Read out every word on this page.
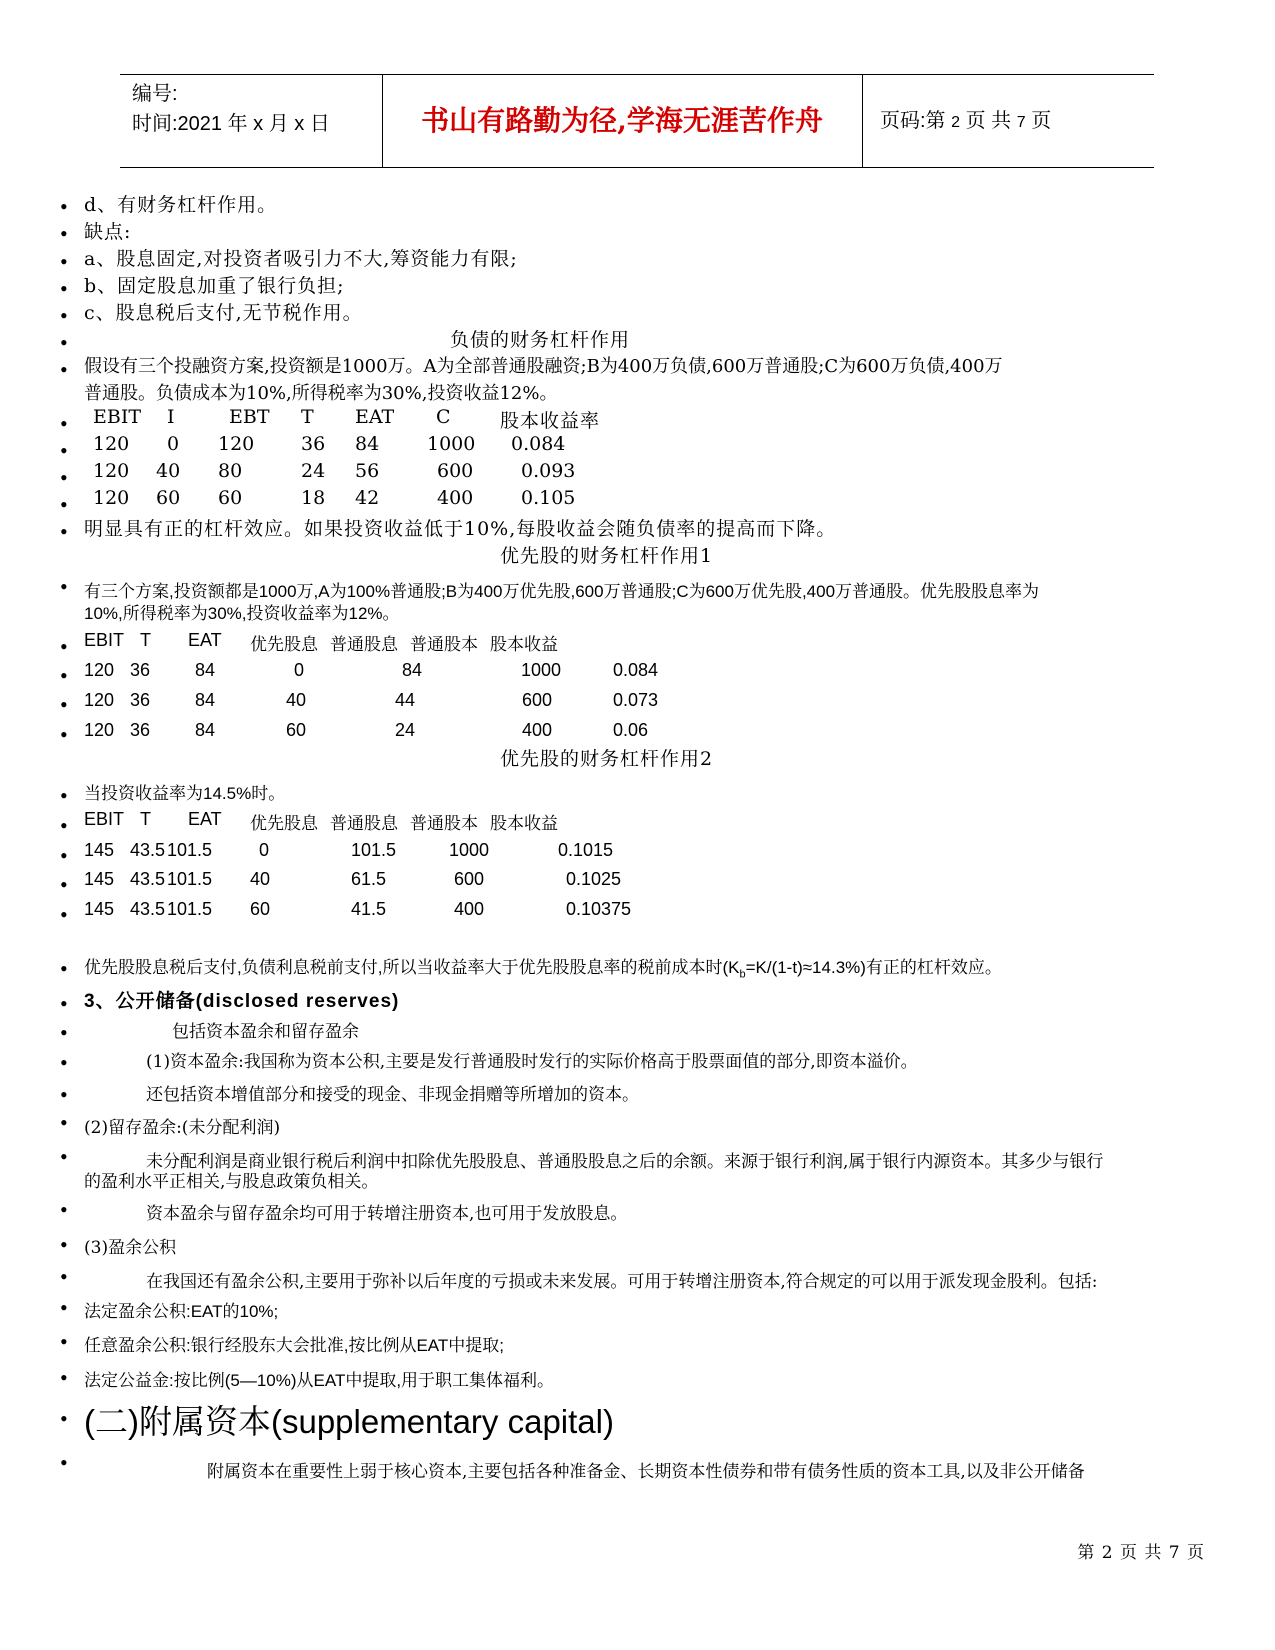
编号:
时间:2021 年 x 月 x 日	书山有路勤为径,学海无涯苦作舟	页码:第 2 页 共 7 页
•
•
•
•
•
•
•
•
•
•
•
•
•
•
•
•
•
•
•
•
•
•
•
•
•
•
•
•
•
•
•
•
•
•
•
•
•
d、有财务杠杆作用。
缺点:
a、股息固定,对投资者吸引力不大,筹资能力有限;
b、固定股息加重了银行负担;
c、股息税后支付,无节税作用。
负债的财务杠杆作用
假设有三个投融资方案,投资额是1000万。A为全部普通股融资;B为400万负债,600万普通股;C为600万负债,400万
普通股。负债成本为10%,所得税率为30%,投资收益12%。
EBIT I	EBT T EAT C	股本收益率
120 0 120 36 84	1000 0.084
120 40 80	24 56	600	0.093
120 60 60	18 42	400	0.105
明显具有正的杠杆效应。如果投资收益低于10%,每股收益会随负债率的提高而下降。
优先股的财务杠杆作用1
有三个方案,投资额都是1000万,A为100%普通股;B为400万优先股,600万普通股;C为600万优先股,400万普通股。优先股股息率为
10%,所得税率为30%,投资收益率为12%。
EBIT T EAT 优先股息 普通股息 普通股本 股本收益
120 36 84	0	84	1000	0.084
120 36 84	40	44	600	0.073
120 36 84	60	24	400	0.06
优先股的财务杠杆作用2
当投资收益率为14.5%时。
EBIT T EAT 优先股息 普通股息 普通股本 股本收益
145 43.5 101.5	0	101.5	1000	0.1015
145 43.5 101.5 40	61.5	600	0.1025
145 43.5 101.5 60	41.5	400	0.10375
优先股股息税后支付,负债利息税前支付,所以当收益率大于优先股股息率的税前成本时$(K_b=K/(1-t)\approx 14.3\%)$有正的杠杆效应。
3、公开储备(disclosed reserves)
包括资本盈余和留存盈余
(1)资本盈余:我国称为资本公积,主要是发行普通股时发行的实际价格高于股票面值的部分,即资本溢价。
还包括资本增值部分和接受的现金、非现金捐赠等所增加的资本。
(2)留存盈余:(未分配利润)
未分配利润是商业银行税后利润中扣除优先股股息、普通股股息之后的余额。来源于银行利润,属于银行内源资本。其多少与银行
的盈利水平正相关,与股息政策负相关。
资本盈余与留存盈余均可用于转增注册资本,也可用于发放股息。
(3)盈余公积
在我国还有盈余公积,主要用于弥补以后年度的亏损或未来发展。可用于转增注册资本,符合规定的可以用于派发现金股利。包括:
法定盈余公积:EAT的10%;
任意盈余公积:银行经股东大会批准,按比例从EAT中提取;
法定公益金:按比例(5—10%)从EAT中提取,用于职工集体福利。
(二)附属资本(supplementary capital)
附属资本在重要性上弱于核心资本,主要包括各种准备金、长期资本性债券和带有债务性质的资本工具,以及非公开储备
第 2 页 共 7 页
